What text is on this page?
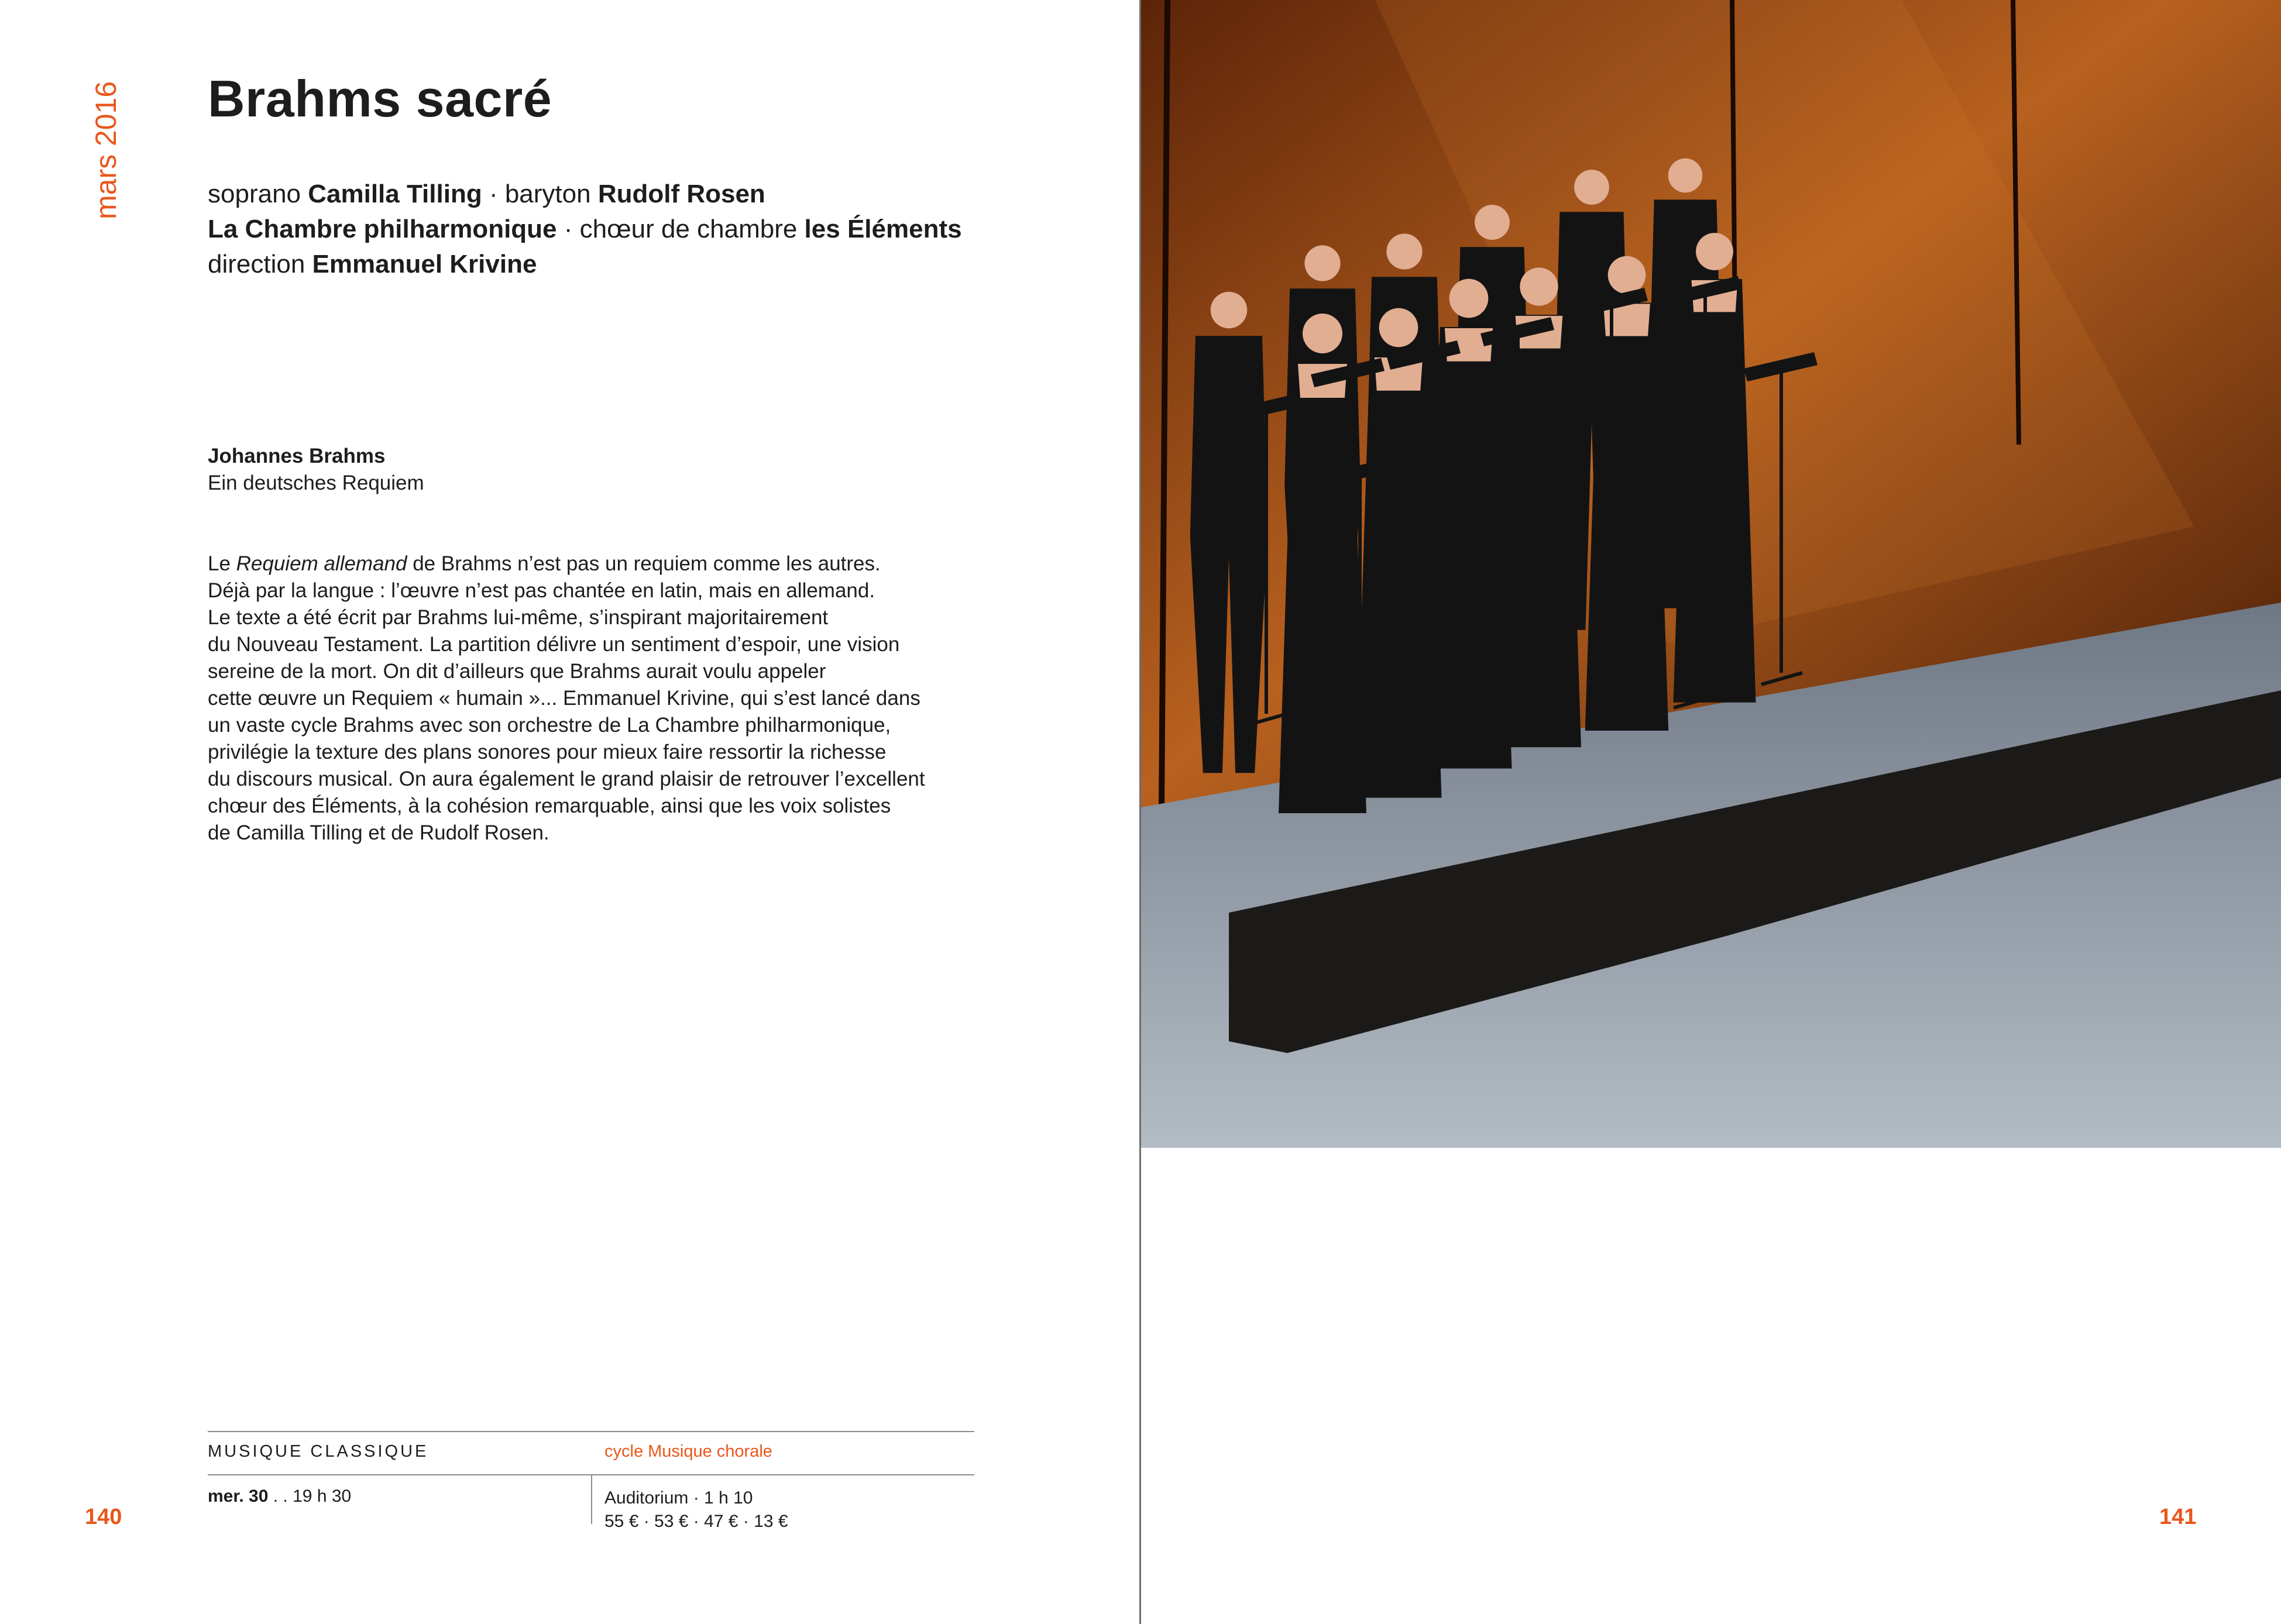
mars 2016 Brahms sacré
soprano Camilla Tilling · baryton Rudolf Rosen
La Chambre philharmonique · chœur de chambre les Éléments
direction Emmanuel Krivine
Johannes Brahms
Ein deutsches Requiem
Le Requiem allemand de Brahms n’est pas un requiem comme les autres.
Déjà par la langue : l’œuvre n’est pas chantée en latin, mais en allemand.
Le texte a été écrit par Brahms lui-même, s’inspirant majoritairement
du Nouveau Testament. La partition délivre un sentiment d’espoir, une vision
sereine de la mort. On dit d’ailleurs que Brahms aurait voulu appeler
cette œuvre un Requiem « humain »... Emmanuel Krivine, qui s’est lancé dans
un vaste cycle Brahms avec son orchestre de La Chambre philharmonique,
privilégie la texture des plans sonores pour mieux faire ressortir la richesse
du discours musical. On aura également le grand plaisir de retrouver l’excellent
chœur des Éléments, à la cohésion remarquable, ainsi que les voix solistes
de Camilla Tilling et de Rudolf Rosen.
MUSIQUE CLASSIQUE	cycle Musique chorale
mer. 30 . . 19 h 30	Auditorium · 1 h 10
55 € · 53 € · 47 € · 13 €
140	141
